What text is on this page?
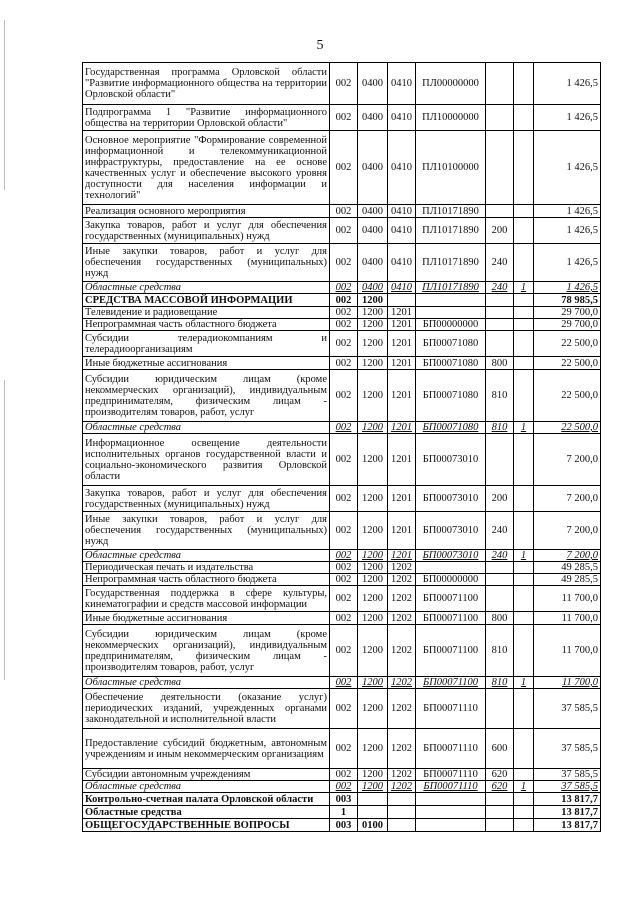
5
Государственная программа Орловской области "Развитие информационного общества на территории Орловской области"	002	0400	0410	ПЛ00000000			1 426,5
Подпрограмма 1 "Развитие информационного общества на территории Орловской области"	002	0400	0410	ПЛ10000000			1 426,5
Основное мероприятие "Формирование современной информационной и телекоммуникационной инфраструктуры, предоставление на ее основе качественных услуг и обеспечение высокого уровня доступности для населения информации и технологий"	002	0400	0410	ПЛ10100000			1 426,5
Реализация основного мероприятия	002	0400	0410	ПЛ10171890			1 426,5
Закупка товаров, работ и услуг для обеспечения государственных (муниципальных) нужд	002	0400	0410	ПЛ10171890	200		1 426,5
Иные закупки товаров, работ и услуг для обеспечения государственных (муниципальных) нужд	002	0400	0410	ПЛ10171890	240		1 426,5
Областные средства	002	0400	0410	ПЛ10171890	240	1	1 426,5
СРЕДСТВА МАССОВОЙ ИНФОРМАЦИИ	002	1200					78 985,5
Телевидение и радиовещание	002	1200	1201				29 700,0
Непрограммная часть областного бюджета	002	1200	1201	БП00000000			29 700,0
Субсидии телерадиокомпаниям и телерадиоорганизациям	002	1200	1201	БП00071080			22 500,0
Иные бюджетные ассигнования	002	1200	1201	БП00071080	800		22 500,0
Субсидии юридическим лицам (кроме некоммерческих организаций), индивидуальным предпринимателям, физическим лицам - производителям товаров, работ, услуг	002	1200	1201	БП00071080	810		22 500,0
Областные средства	002	1200	1201	БП00071080	810	1	22 500,0
Информационное освещение деятельности исполнительных органов государственной власти и социально-экономического развития Орловской области	002	1200	1201	БП00073010			7 200,0
Закупка товаров, работ и услуг для обеспечения государственных (муниципальных) нужд	002	1200	1201	БП00073010	200		7 200,0
Иные закупки товаров, работ и услуг для обеспечения государственных (муниципальных) нужд	002	1200	1201	БП00073010	240		7 200,0
Областные средства	002	1200	1201	БП00073010	240	1	7 200,0
Периодическая печать и издательства	002	1200	1202				49 285,5
Непрограммная часть областного бюджета	002	1200	1202	БП00000000			49 285,5
Государственная поддержка в сфере культуры, кинематографии и средств массовой информации	002	1200	1202	БП00071100			11 700,0
Иные бюджетные ассигнования	002	1200	1202	БП00071100	800		11 700,0
Субсидии юридическим лицам (кроме некоммерческих организаций), индивидуальным предпринимателям, физическим лицам - производителям товаров, работ, услуг	002	1200	1202	БП00071100	810		11 700,0
Областные средства	002	1200	1202	БП00071100	810	1	11 700,0
Обеспечение деятельности (оказание услуг) периодических изданий, учрежденных органами законодательной и исполнительной власти	002	1200	1202	БП00071110			37 585,5
Предоставление субсидий бюджетным, автономным учреждениям и иным некоммерческим организациям	002	1200	1202	БП00071110	600		37 585,5
Субсидии автономным учреждениям	002	1200	1202	БП00071110	620		37 585,5
Областные средства	002	1200	1202	БП00071110	620	1	37 585,5
Контрольно-счетная палата Орловской области	003						13 817,7
Областные средства	1						13 817,7
ОБЩЕГОСУДАРСТВЕННЫЕ ВОПРОСЫ	003	0100					13 817,7
